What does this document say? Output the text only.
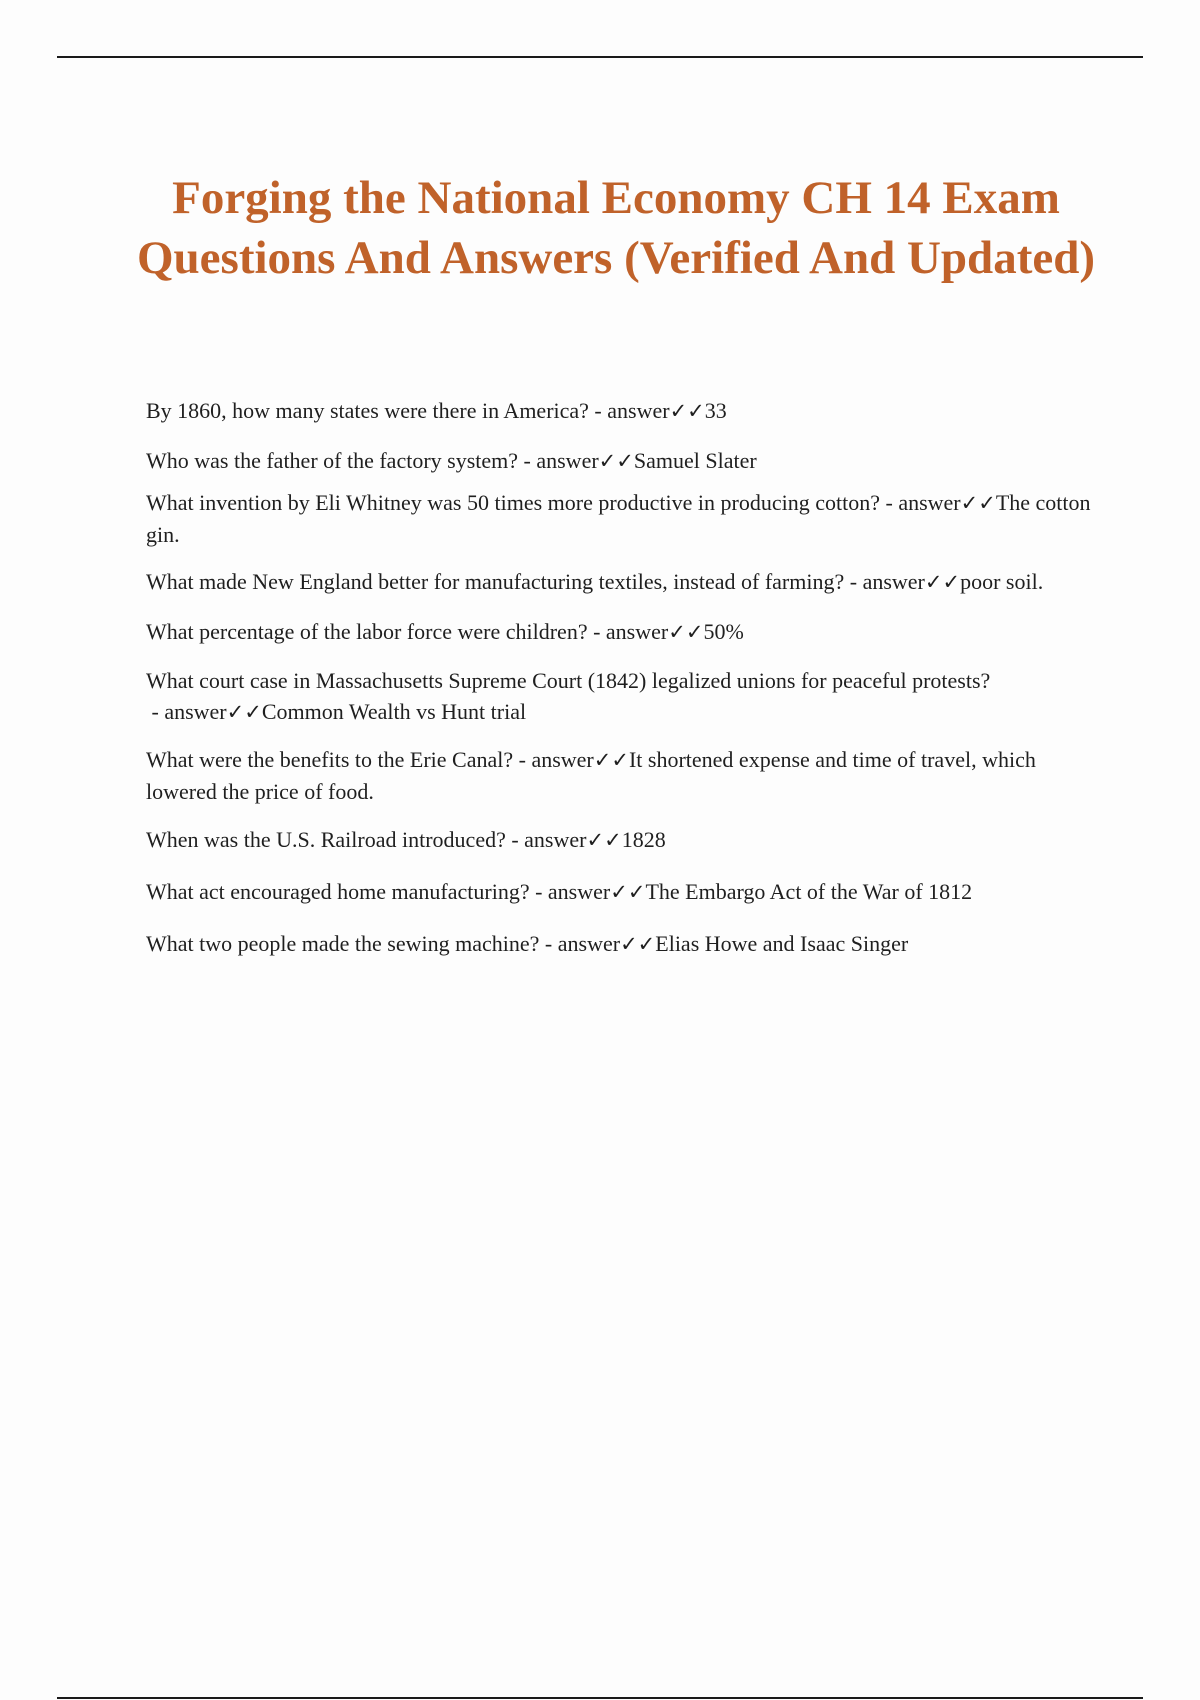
Forging the National Economy CH 14 Exam Questions And Answers (Verified And Updated)
By 1860, how many states were there in America? - answer✓✓33
Who was the father of the factory system? - answer✓✓Samuel Slater
What invention by Eli Whitney was 50 times more productive in producing cotton? - answer✓✓The cotton gin.
What made New England better for manufacturing textiles, instead of farming? - answer✓✓poor soil.
What percentage of the labor force were children? - answer✓✓50%
What court case in Massachusetts Supreme Court (1842) legalized unions for peaceful protests? - answer✓✓Common Wealth vs Hunt trial
What were the benefits to the Erie Canal? - answer✓✓It shortened expense and time of travel, which lowered the price of food.
When was the U.S. Railroad introduced? - answer✓✓1828
What act encouraged home manufacturing? - answer✓✓The Embargo Act of the War of 1812
What two people made the sewing machine? - answer✓✓Elias Howe and Isaac Singer
